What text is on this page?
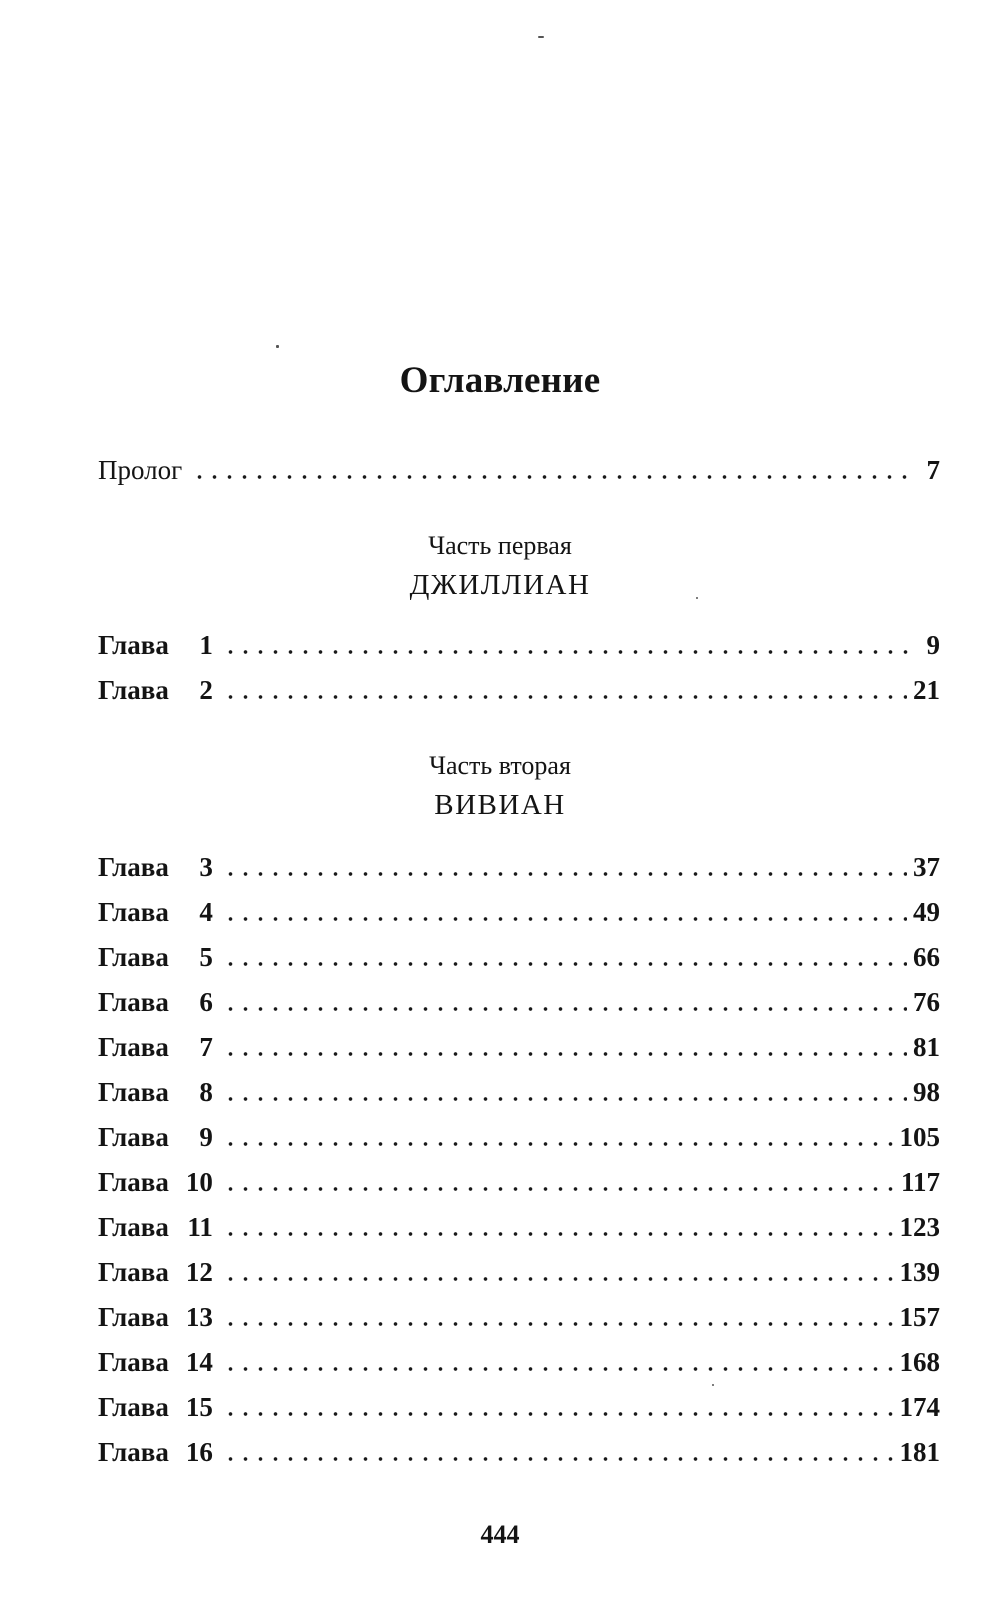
Оглавление
Пролог	7
Часть первая
ДЖИЛЛИАН
Глава	1	9
Глава	2	21
Часть вторая
ВИВИАН
Глава	3	37
Глава	4	49
Глава	5	66
Глава	6	76
Глава	7	81
Глава	8	98
Глава	9	105
Глава 10	117
Глава 11	123
Глава 12	139
Глава 13	157
Глава 14	168
Глава 15	174
Глава 16	181
444
